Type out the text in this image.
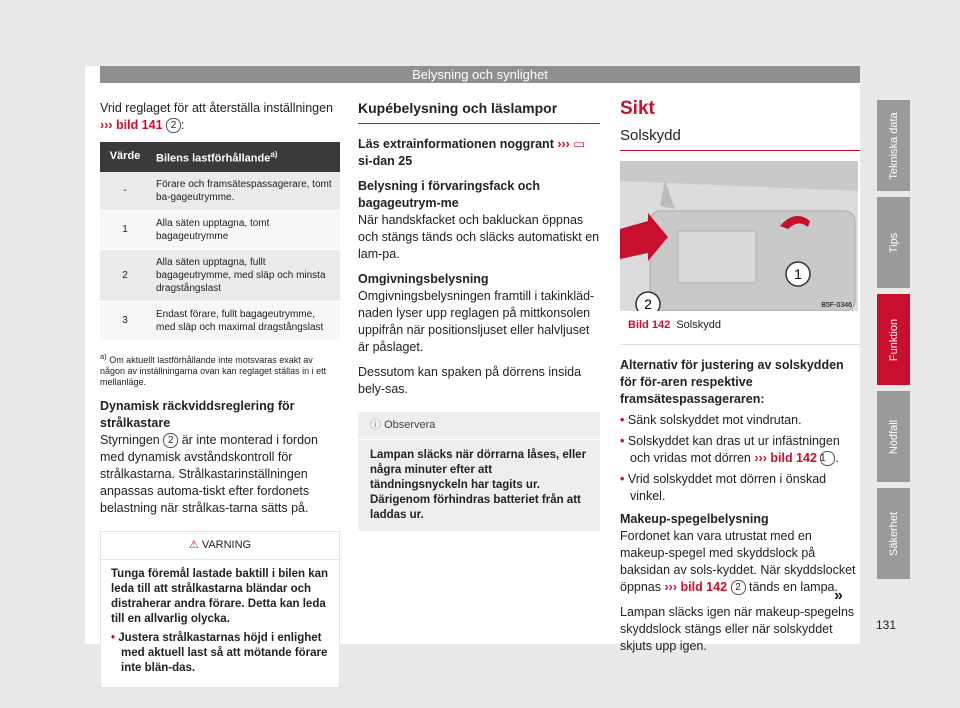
Belysning och synlighet

Vrid reglaget för att återställa inställningen
››› bild 141 2 :

Värde	Bilens lastförhållande$^{a)}$
-	Förare och framsätespassagerare, tomt ba-gageutrymme.
1	Alla säten upptagna, tomt bagageutrymme
2	Alla säten upptagna, fullt bagageutrymme, med släp och minsta dragstångslast
3	Endast förare, fullt bagageutrymme, med släp och maximal dragstångslast
$^{a)}$ Om aktuellt lastförhållande inte motsvaras exakt av någon av inställningarna ovan kan reglaget ställas in i ett mellanläge.
Dynamisk räckviddsreglering för strålkastare

Styrningen 2 är inte monterad i fordon med dynamisk avståndskontroll för strålkastarna. Strålkastarinställningen anpassas automa-tiskt efter fordonets belastning när strålkas-tarna sätts på.

⚠ VARNING
Tunga föremål lastade baktill i bilen kan leda till att strålkastarna bländar och distraherar andra förare. Detta kan leda till en allvarlig olycka.
• Justera strålkastarnas höjd i enlighet med aktuell last så att mötande förare inte blän-das.
Kupébelysning och läslampor

Läs extrainformationen noggrant ››› ▭ si-dan 25

Belysning i förvaringsfack och bagageutrym-me

När handskfacket och bakluckan öppnas och stängs tänds och släcks automatiskt en lam-pa.

Omgivningsbelysning

Omgivningsbelysningen framtill i takinkläd-naden lyser upp reglagen på mittkonsolen uppifrån när positionsljuset eller halvljuset är påslaget.

Dessutom kan spaken på dörrens insida bely-sas.

ⓘ Observera
Lampan släcks när dörrarna låses, eller några minuter efter att tändningsnyckeln har tagits ur. Därigenom förhindras batteriet från att laddas ur.
Sikt
Solskydd
1
2	B5F-0346
Bild 142 Solskydd
Alternativ för justering av solskydden för för-aren respektive framsätespassageraren:
• Sänk solskyddet mot vindrutan.
• Solskyddet kan dras ut ur infästningen och vridas mot dörren ››› bild 142 1 .
• Vrid solskyddet mot dörren i önskad vinkel.
Makeup-spegelbelysning

Fordonet kan vara utrustat med en makeup-spegel med skyddslock på baksidan av sols-kyddet. När skyddslocket öppnas ››› bild 142 2 tänds en lampa.

Lampan släcks igen när makeup-spegelns skyddslock stängs eller när solskyddet skjuts upp igen.

»
Tekniska data
Tips
Funktion
Nödfall
Säkerhet
131
